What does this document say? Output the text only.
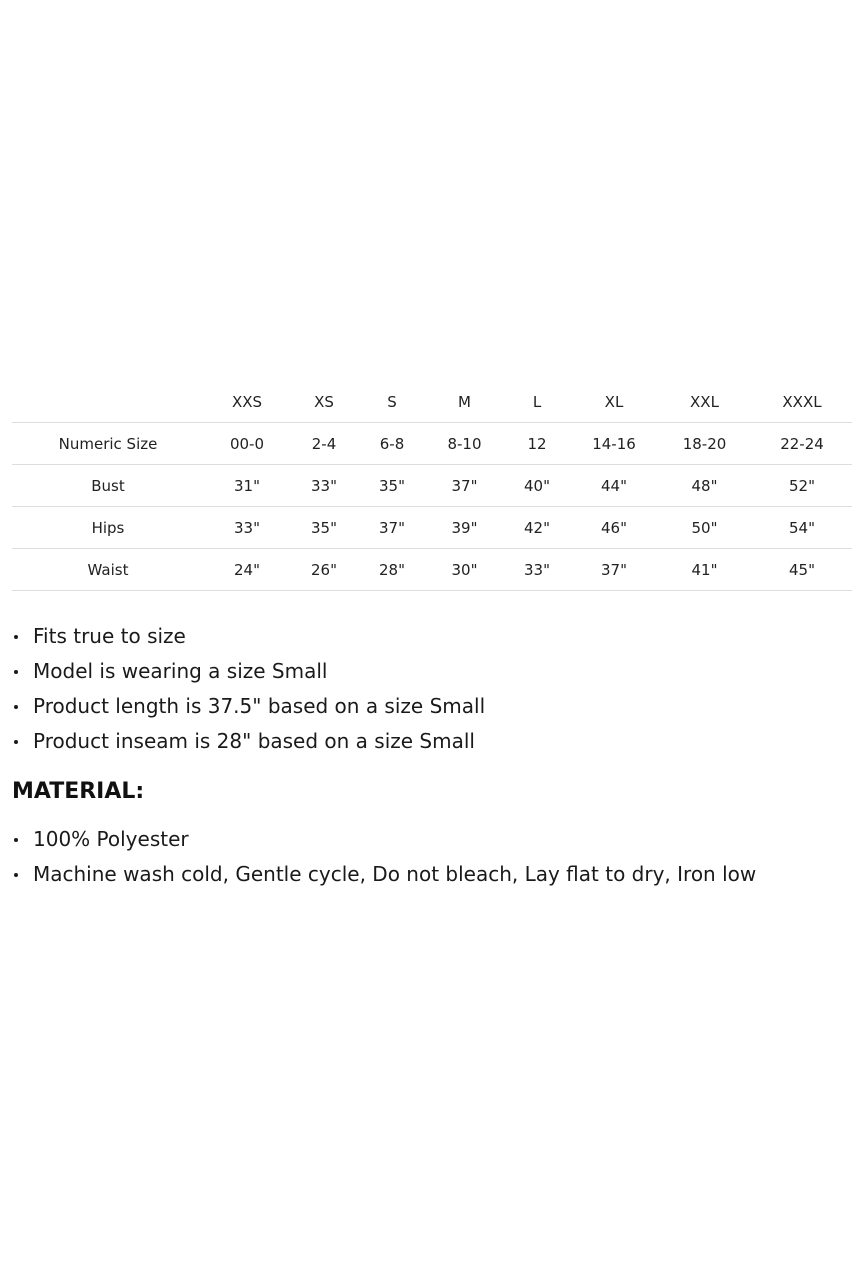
	XXS	XS	S	M	L	XL	XXL	XXXL
Numeric Size	00-0	2-4	6-8	8-10	12	14-16	18-20	22-24
Bust	31"	33"	35"	37"	40"	44"	48"	52"
Hips	33"	35"	37"	39"	42"	46"	50"	54"
Waist	24"	26"	28"	30"	33"	37"	41"	45"
Fits true to size
Model is wearing a size Small
Product length is 37.5" based on a size Small
Product inseam is 28" based on a size Small
MATERIAL:
100% Polyester
Machine wash cold, Gentle cycle, Do not bleach, Lay flat to dry, Iron low
